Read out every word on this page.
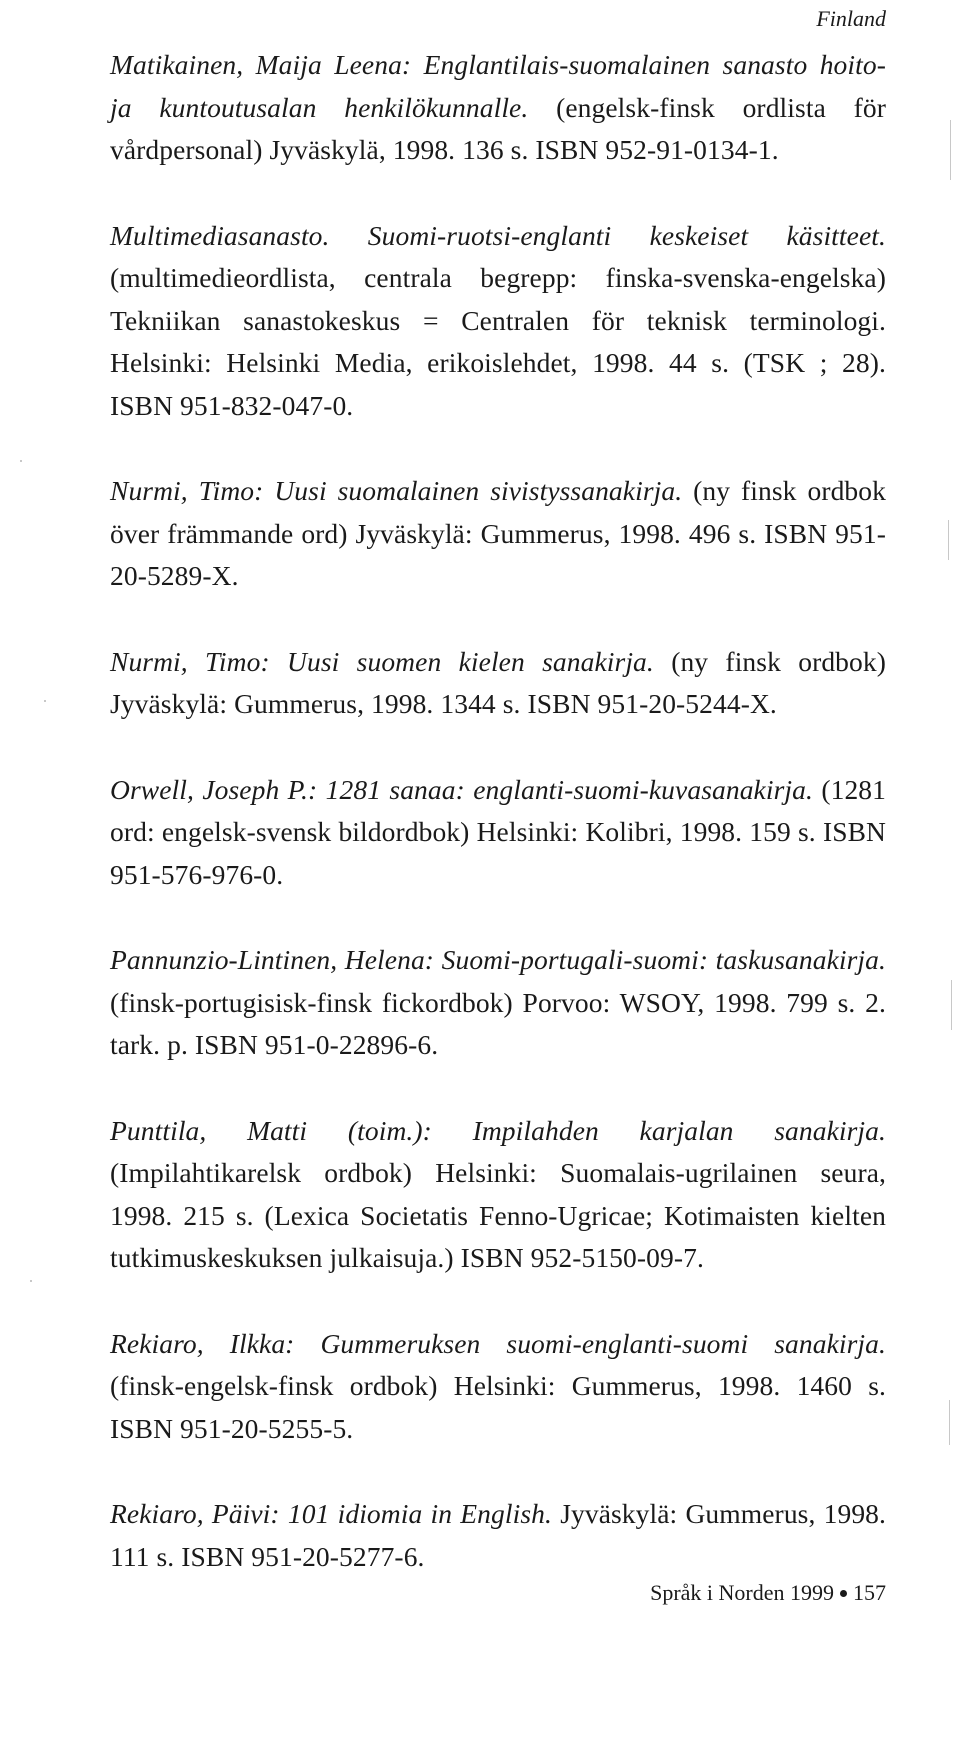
Finland

Matikainen, Maija Leena: Englantilais-suomalainen sanasto hoito- ja kuntoutusalan henkilökunnalle. (engelsk-finsk ordlista för vårdpersonal) Jyväskylä, 1998. 136 s. ISBN 952-91-0134-1.

Multimediasanasto. Suomi-ruotsi-englanti keskeiset käsitteet. (multimedieordlista, centrala begrepp: finska-svenska-engelska) Tekniikan sanastokeskus = Centralen för teknisk terminologi. Helsinki: Helsinki Media, erikoislehdet, 1998. 44 s. (TSK ; 28). ISBN 951-832-047-0.

Nurmi, Timo: Uusi suomalainen sivistyssanakirja. (ny finsk ordbok över främmande ord) Jyväskylä: Gummerus, 1998. 496 s. ISBN 951-20-5289-X.

Nurmi, Timo: Uusi suomen kielen sanakirja. (ny finsk ordbok) Jyväskylä: Gummerus, 1998. 1344 s. ISBN 951-20-5244-X.

Orwell, Joseph P.: 1281 sanaa: englanti-suomi-kuvasanakirja. (1281 ord: engelsk-svensk bildordbok) Helsinki: Kolibri, 1998. 159 s. ISBN 951-576-976-0.

Pannunzio-Lintinen, Helena: Suomi-portugali-suomi: taskusanakirja. (finsk-portugisisk-finsk fickordbok) Porvoo: WSOY, 1998. 799 s. 2. tark. p. ISBN 951-0-22896-6.

Punttila, Matti (toim.): Impilahden karjalan sanakirja. (Impilahtikarelsk ordbok) Helsinki: Suomalais-ugrilainen seura, 1998. 215 s. (Lexica Societatis Fenno-Ugricae; Kotimaisten kielten tutkimuskeskuksen julkaisuja.) ISBN 952-5150-09-7.

Rekiaro, Ilkka: Gummeruksen suomi-englanti-suomi sanakirja. (finsk-engelsk-finsk ordbok) Helsinki: Gummerus, 1998. 1460 s. ISBN 951-20-5255-5.

Rekiaro, Päivi: 101 idiomia in English. Jyväskylä: Gummerus, 1998. 111 s. ISBN 951-20-5277-6.

Språk i Norden 1999 157
